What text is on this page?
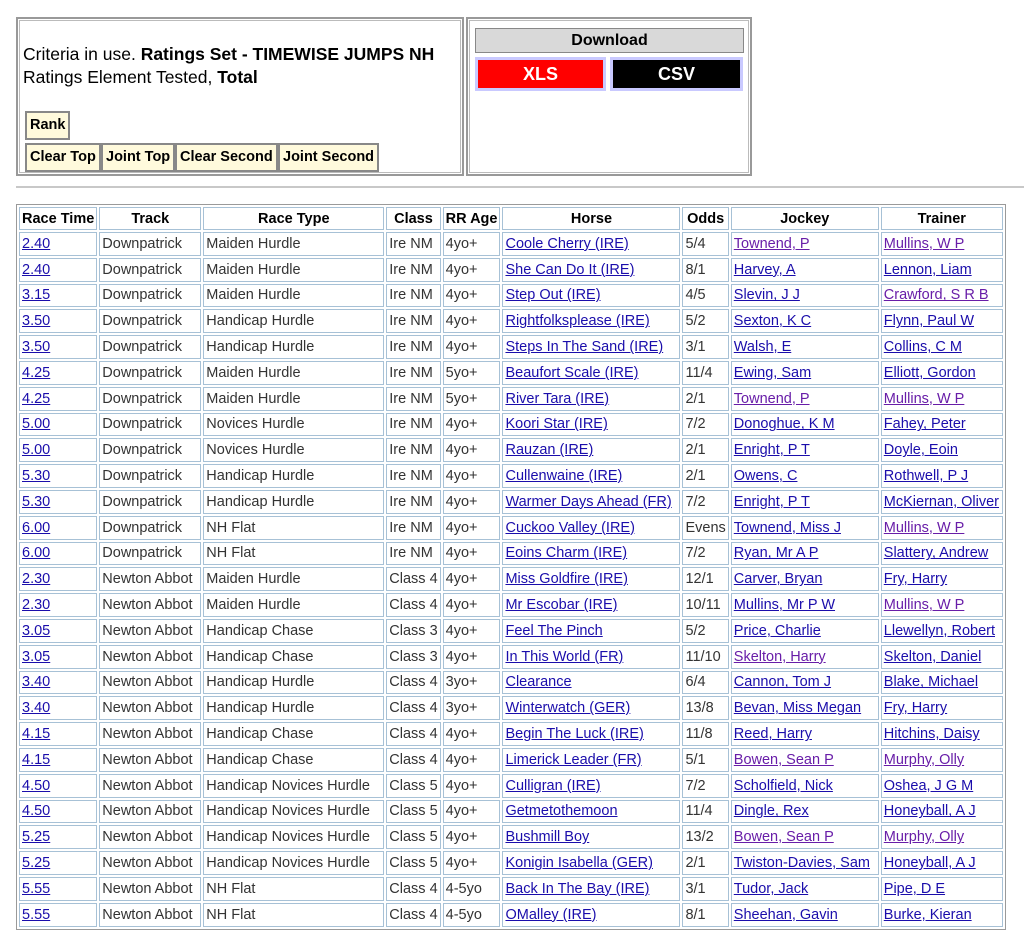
Criteria in use. Ratings Set - TIMEWISE JUMPS NH
Ratings Element Tested, Total
Rank
Clear Top Joint Top Clear Second Joint Second
Download
XLS	CSV
Race Time	Track	Race Type	Class	RR Age	Horse	Odds	Jockey	Trainer
2.40	Downpatrick	Maiden Hurdle	Ire NM	4yo+	Coole Cherry (IRE)	5/4	Townend, P	Mullins, W P
2.40	Downpatrick	Maiden Hurdle	Ire NM	4yo+	She Can Do It (IRE)	8/1	Harvey, A	Lennon, Liam
3.15	Downpatrick	Maiden Hurdle	Ire NM	4yo+	Step Out (IRE)	4/5	Slevin, J J	Crawford, S R B
3.50	Downpatrick	Handicap Hurdle	Ire NM	4yo+	Rightfolksplease (IRE)	5/2	Sexton, K C	Flynn, Paul W
3.50	Downpatrick	Handicap Hurdle	Ire NM	4yo+	Steps In The Sand (IRE)	3/1	Walsh, E	Collins, C M
4.25	Downpatrick	Maiden Hurdle	Ire NM	5yo+	Beaufort Scale (IRE)	11/4	Ewing, Sam	Elliott, Gordon
4.25	Downpatrick	Maiden Hurdle	Ire NM	5yo+	River Tara (IRE)	2/1	Townend, P	Mullins, W P
5.00	Downpatrick	Novices Hurdle	Ire NM	4yo+	Koori Star (IRE)	7/2	Donoghue, K M	Fahey, Peter
5.00	Downpatrick	Novices Hurdle	Ire NM	4yo+	Rauzan (IRE)	2/1	Enright, P T	Doyle, Eoin
5.30	Downpatrick	Handicap Hurdle	Ire NM	4yo+	Cullenwaine (IRE)	2/1	Owens, C	Rothwell, P J
5.30	Downpatrick	Handicap Hurdle	Ire NM	4yo+	Warmer Days Ahead (FR)	7/2	Enright, P T	McKiernan, Oliver
6.00	Downpatrick	NH Flat	Ire NM	4yo+	Cuckoo Valley (IRE)	Evens	Townend, Miss J	Mullins, W P
6.00	Downpatrick	NH Flat	Ire NM	4yo+	Eoins Charm (IRE)	7/2	Ryan, Mr A P	Slattery, Andrew
2.30	Newton Abbot	Maiden Hurdle	Class 4	4yo+	Miss Goldfire (IRE)	12/1	Carver, Bryan	Fry, Harry
2.30	Newton Abbot	Maiden Hurdle	Class 4	4yo+	Mr Escobar (IRE)	10/11	Mullins, Mr P W	Mullins, W P
3.05	Newton Abbot	Handicap Chase	Class 3	4yo+	Feel The Pinch	5/2	Price, Charlie	Llewellyn, Robert
3.05	Newton Abbot	Handicap Chase	Class 3	4yo+	In This World (FR)	11/10	Skelton, Harry	Skelton, Daniel
3.40	Newton Abbot	Handicap Hurdle	Class 4	3yo+	Clearance	6/4	Cannon, Tom J	Blake, Michael
3.40	Newton Abbot	Handicap Hurdle	Class 4	3yo+	Winterwatch (GER)	13/8	Bevan, Miss Megan	Fry, Harry
4.15	Newton Abbot	Handicap Chase	Class 4	4yo+	Begin The Luck (IRE)	11/8	Reed, Harry	Hitchins, Daisy
4.15	Newton Abbot	Handicap Chase	Class 4	4yo+	Limerick Leader (FR)	5/1	Bowen, Sean P	Murphy, Olly
4.50	Newton Abbot	Handicap Novices Hurdle	Class 5	4yo+	Culligran (IRE)	7/2	Scholfield, Nick	Oshea, J G M
4.50	Newton Abbot	Handicap Novices Hurdle	Class 5	4yo+	Getmetothemoon	11/4	Dingle, Rex	Honeyball, A J
5.25	Newton Abbot	Handicap Novices Hurdle	Class 5	4yo+	Bushmill Boy	13/2	Bowen, Sean P	Murphy, Olly
5.25	Newton Abbot	Handicap Novices Hurdle	Class 5	4yo+	Konigin Isabella (GER)	2/1	Twiston-Davies, Sam	Honeyball, A J
5.55	Newton Abbot	NH Flat	Class 4	4-5yo	Back In The Bay (IRE)	3/1	Tudor, Jack	Pipe, D E
5.55	Newton Abbot	NH Flat	Class 4	4-5yo	OMalley (IRE)	8/1	Sheehan, Gavin	Burke, Kieran
